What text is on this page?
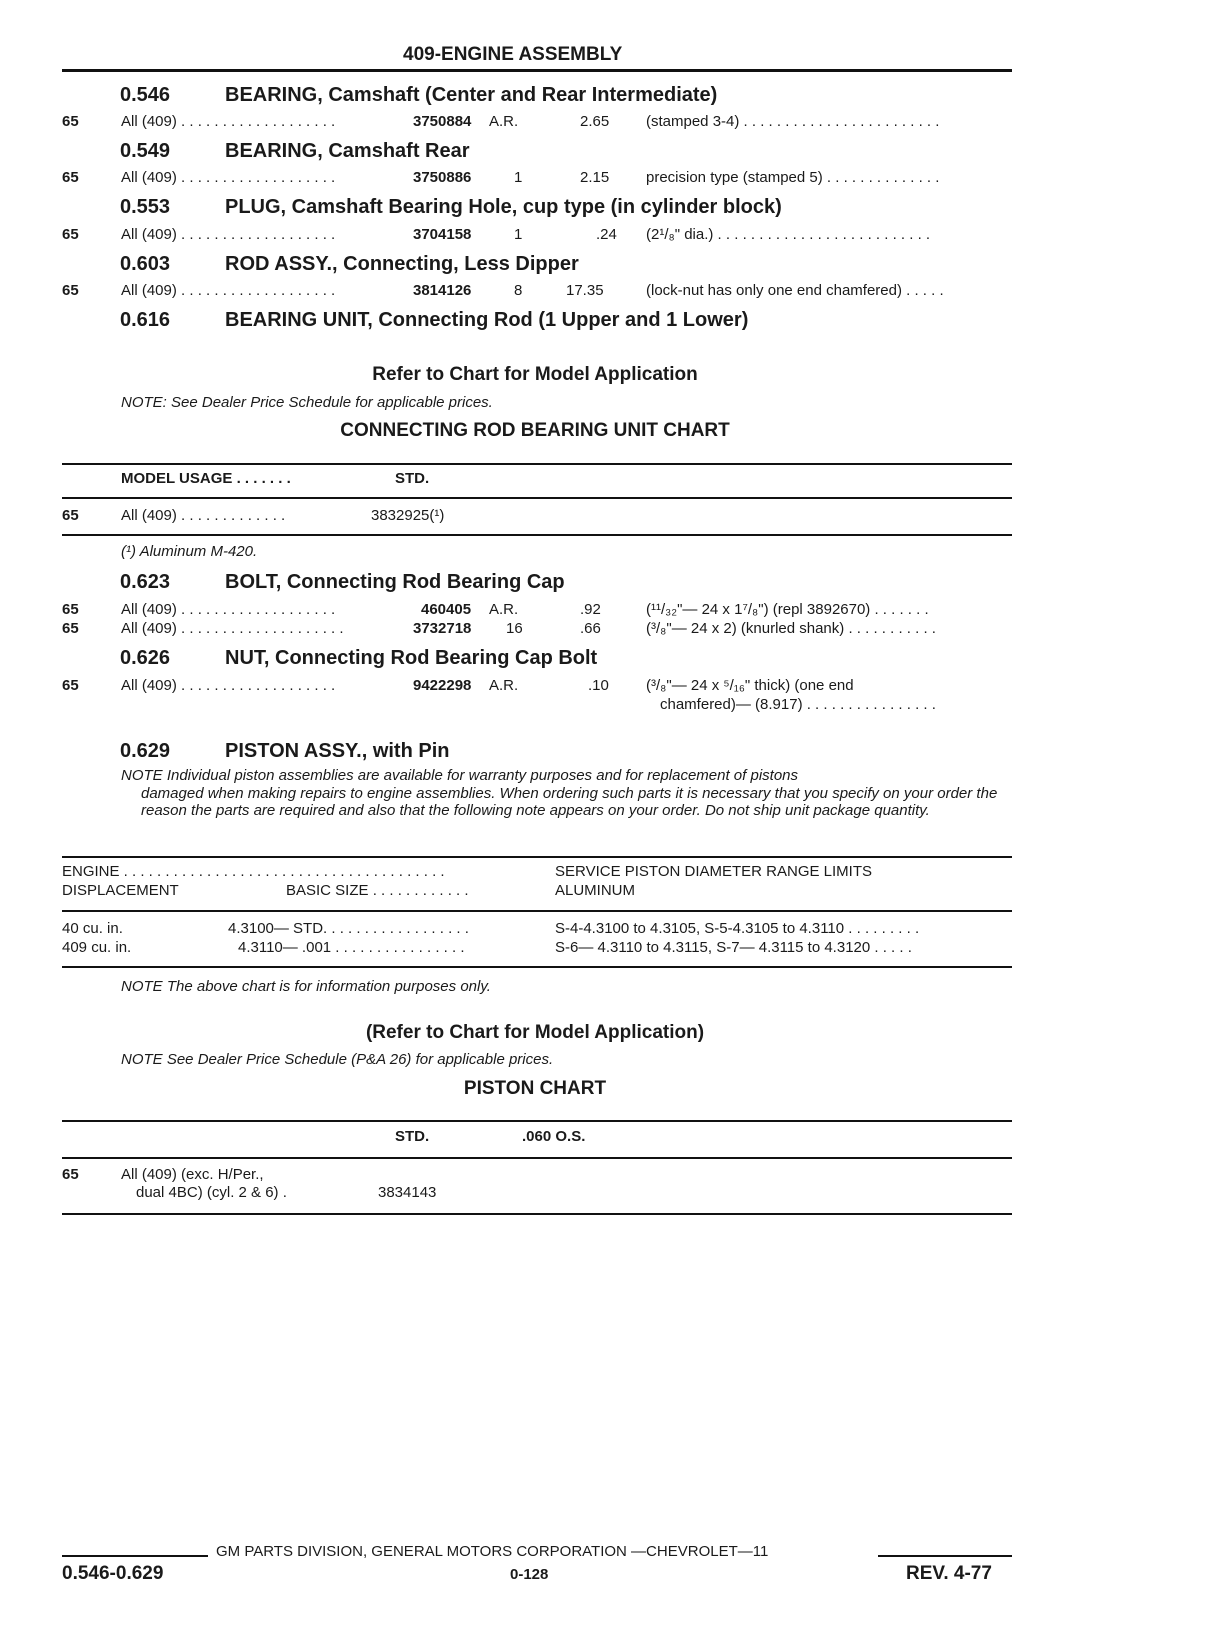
409-ENGINE ASSEMBLY
0.546	BEARING, Camshaft (Center and Rear Intermediate)
65	All (409) . . . . . . . . . . . . . . . . . . .	3750884 A.R.	2.65 (stamped 3-4) . . . . . . . . . . . . . . . . . . . . . . . .
0.549	BEARING, Camshaft Rear
65	All (409) . . . . . . . . . . . . . . . . . . .	3750886	1	2.15 precision type (stamped 5) . . . . . . . . . . . . . .
0.553	PLUG, Camshaft Bearing Hole, cup type (in cylinder block)
65	All (409) . . . . . . . . . . . . . . . . . . .	3704158	1	.24 (2¹/₈" dia.) . . . . . . . . . . . . . . . . . . . . . . . . . .
0.603	ROD ASSY., Connecting, Less Dipper
65	All (409) . . . . . . . . . . . . . . . . . . .	3814126	8	17.35	(lock-nut has only one end chamfered) . . . . .
0.616	BEARING UNIT, Connecting Rod (1 Upper and 1 Lower)
Refer to Chart for Model Application
NOTE: See Dealer Price Schedule for applicable prices.
CONNECTING ROD BEARING UNIT CHART
MODEL USAGE . . . . . . .	STD.
65	All (409) . . . . . . . . . . . . .	3832925(¹)
(¹) Aluminum M-420.
0.623	BOLT, Connecting Rod Bearing Cap
65	All (409) . . . . . . . . . . . . . . . . . . .	460405 A.R.	.92	(¹¹/₃₂"— 24 x 1⁷/₈") (repl 3892670) . . . . . . .
65	All (409) . . . . . . . . . . . . . . . . . . . .	3732718 16	.66	(³/₈"— 24 x 2) (knurled shank) . . . . . . . . . . .
0.626	NUT, Connecting Rod Bearing Cap Bolt
65	All (409) . . . . . . . . . . . . . . . . . . .	9422298 A.R.	.10 (³/₈"— 24 x ⁵/₁₆" thick) (one end
chamfered)— (8.917) . . . . . . . . . . . . . . . .
0.629	PISTON ASSY., with Pin
NOTE Individual piston assemblies are available for warranty purposes and for replacement of pistons
damaged when making repairs to engine assemblies. When ordering such parts it is necessary that you specify on your order the reason the parts are required and also that the following note appears on your order. Do not ship unit package quantity.
ENGINE . . . . . . . . . . . . . . . . . . . . . . . . . . . . . . . . . . . . . . .	SERVICE PISTON DIAMETER RANGE LIMITS
DISPLACEMENT	BASIC SIZE . . . . . . . . . . . .	ALUMINUM
40 cu. in.	4.3100— STD. . . . . . . . . . . . . . . . . .	S-4-4.3100 to 4.3105, S-5-4.3105 to 4.3110 . . . . . . . . .
409 cu. in.	4.3110— .001 . . . . . . . . . . . . . . . .	S-6— 4.3110 to 4.3115, S-7— 4.3115 to 4.3120 . . . . .
NOTE The above chart is for information purposes only.
(Refer to Chart for Model Application)
NOTE See Dealer Price Schedule (P&A 26) for applicable prices.
PISTON CHART
STD.	.060 O.S.
65	All (409) (exc. H/Per.,
dual 4BC) (cyl. 2 & 6) .	3834143
GM PARTS DIVISION, GENERAL MOTORS CORPORATION —CHEVROLET—11
0.546-0.629	0-128	REV. 4-77
